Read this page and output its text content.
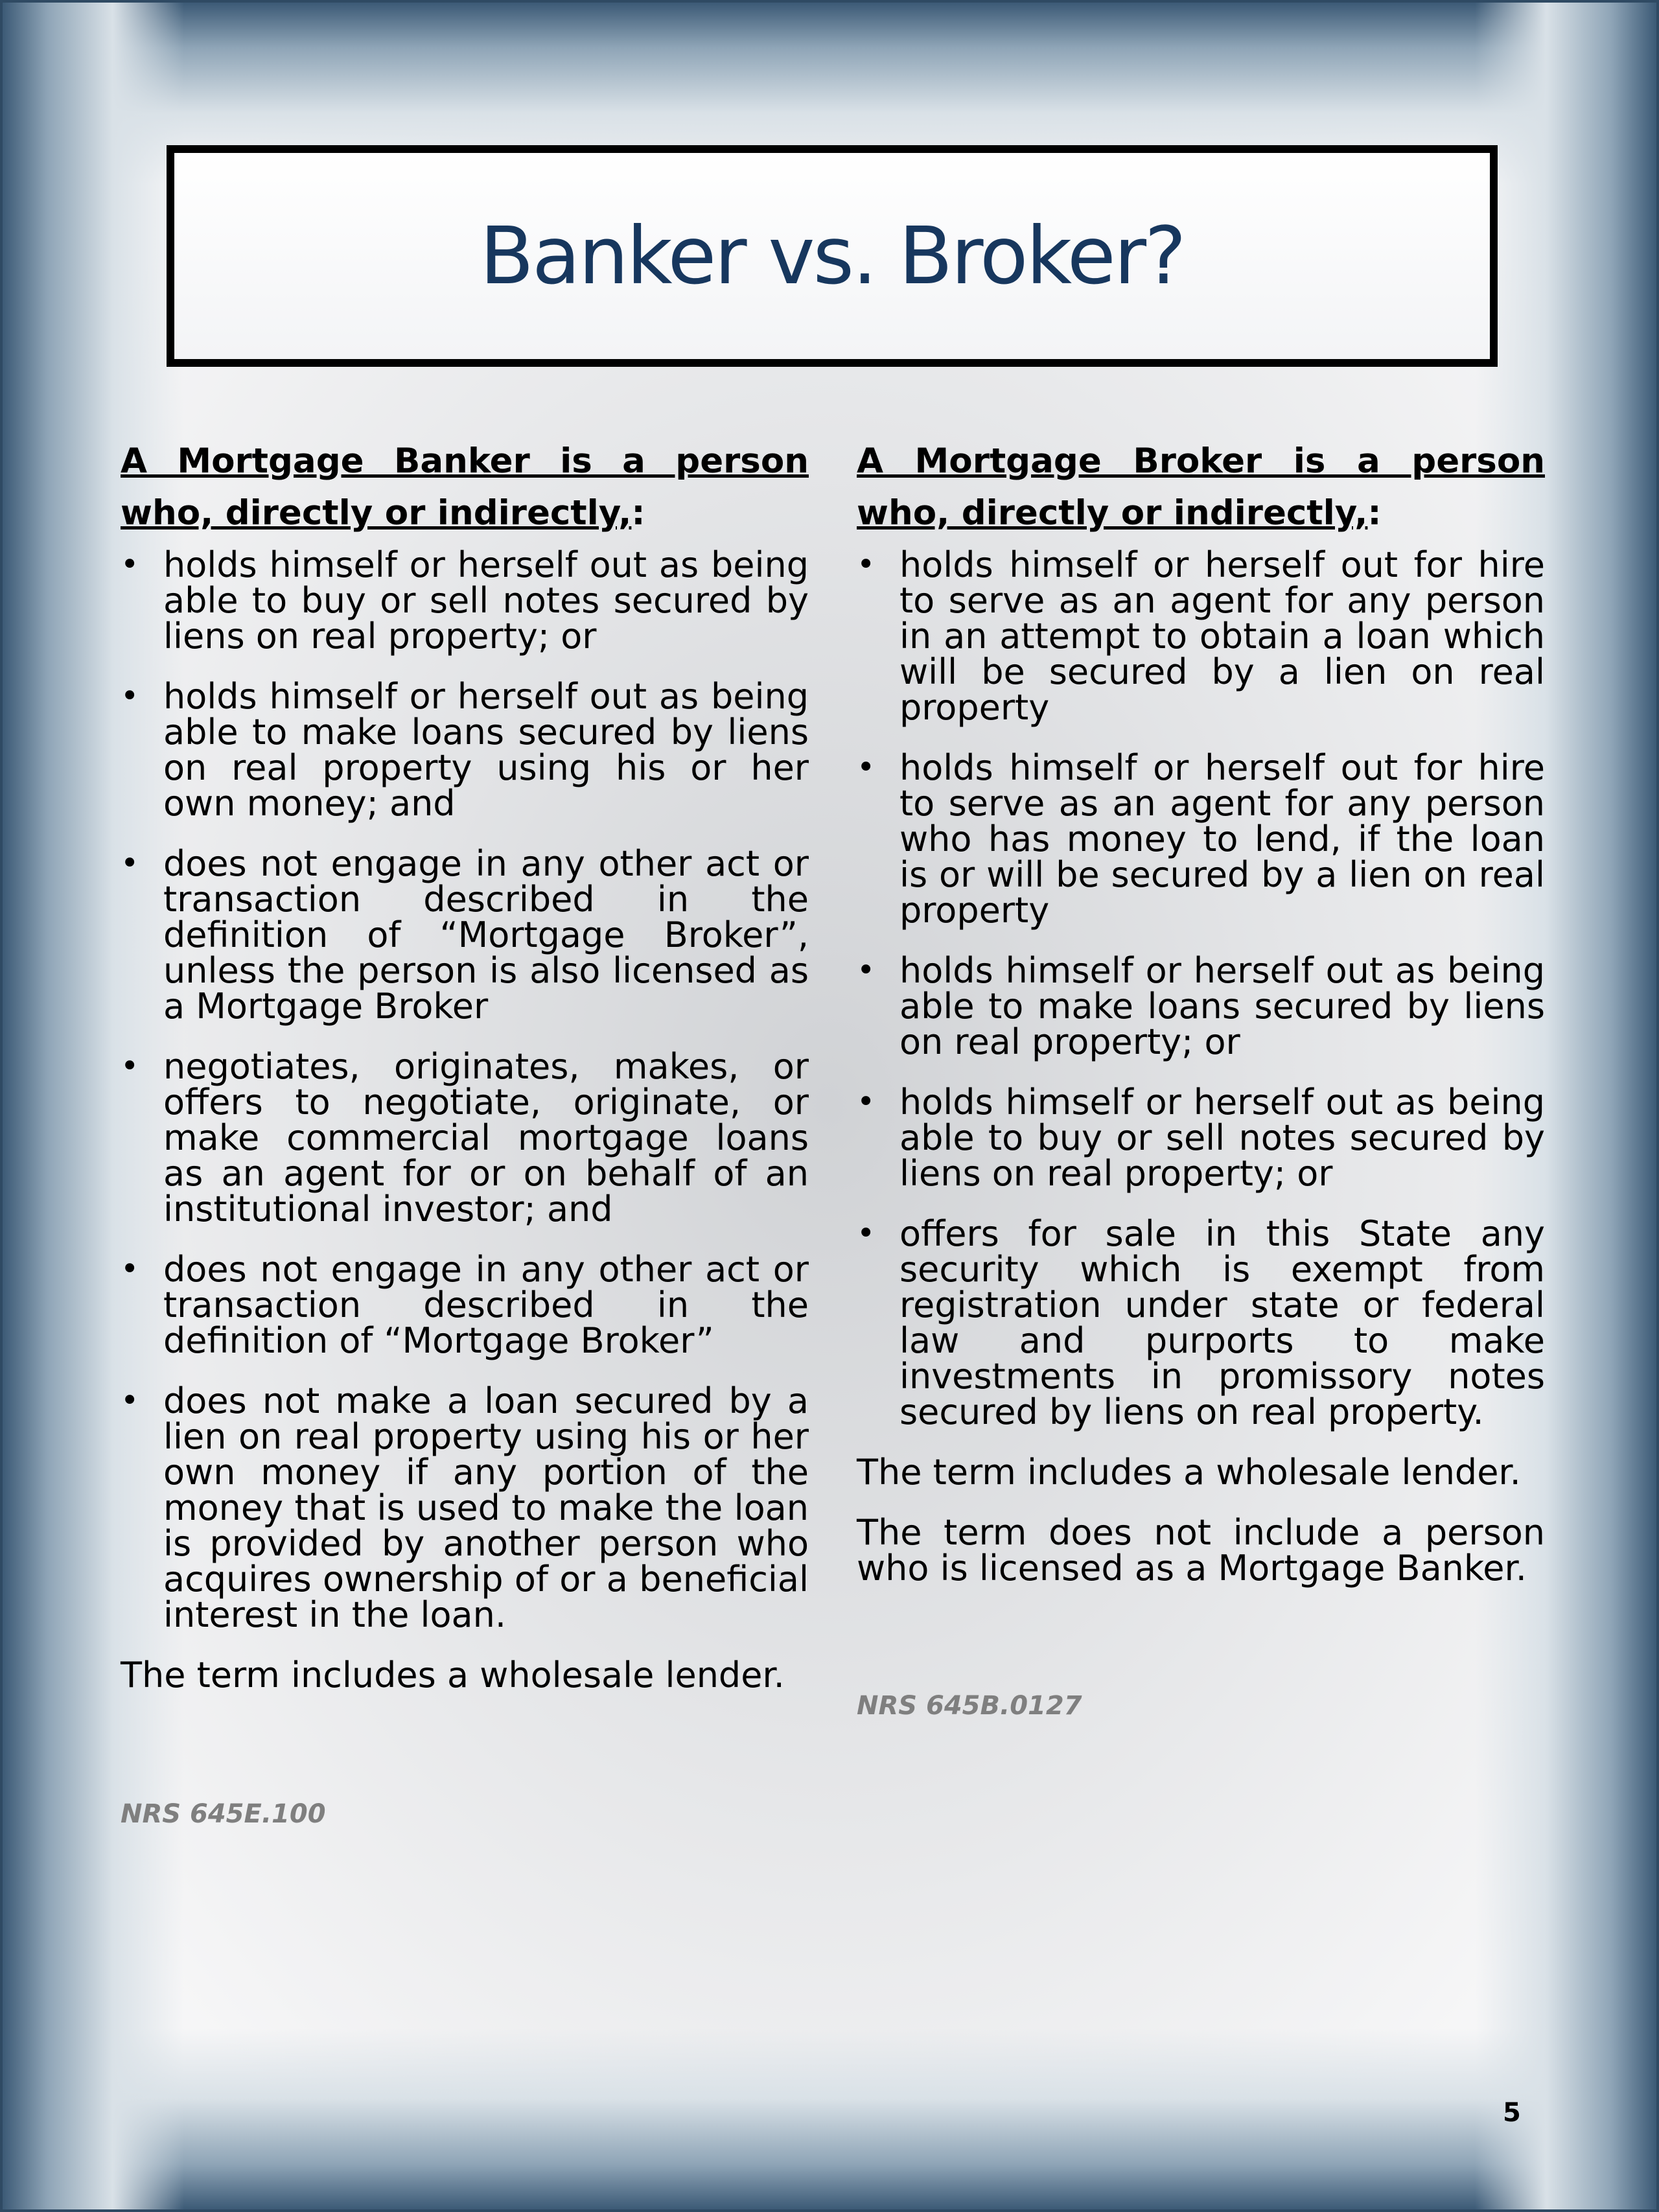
Banker vs. Broker?
A Mortgage Banker is a person who, directly or indirectly,:
• holds himself or herself out as being able to buy or sell notes secured by liens on real property; or
• holds himself or herself out as being able to make loans secured by liens on real property using his or her own money; and
• does not engage in any other act or transaction described in the definition of “Mortgage Broker”, unless the person is also licensed as a Mortgage Broker
• negotiates, originates, makes, or offers to negotiate, originate, or make commercial mortgage loans as an agent for or on behalf of an institutional investor; and
• does not engage in any other act or transaction described in the definition of “Mortgage Broker”
• does not make a loan secured by a lien on real property using his or her own money if any portion of the money that is used to make the loan is provided by another person who acquires ownership of or a beneficial interest in the loan.
The term includes a wholesale lender.
A Mortgage Broker is a person who, directly or indirectly,:
• holds himself or herself out for hire to serve as an agent for any person in an attempt to obtain a loan which will be secured by a lien on real property
• holds himself or herself out for hire to serve as an agent for any person who has money to lend, if the loan is or will be secured by a lien on real property
• holds himself or herself out as being able to make loans secured by liens on real property; or
• holds himself or herself out as being able to buy or sell notes secured by liens on real property; or
• offers for sale in this State any security which is exempt from registration under state or federal law and purports to make investments in promissory notes secured by liens on real property.
The term includes a wholesale lender.
The term does not include a person who is licensed as a Mortgage Banker.
NRS 645E.100
NRS 645B.0127
5
